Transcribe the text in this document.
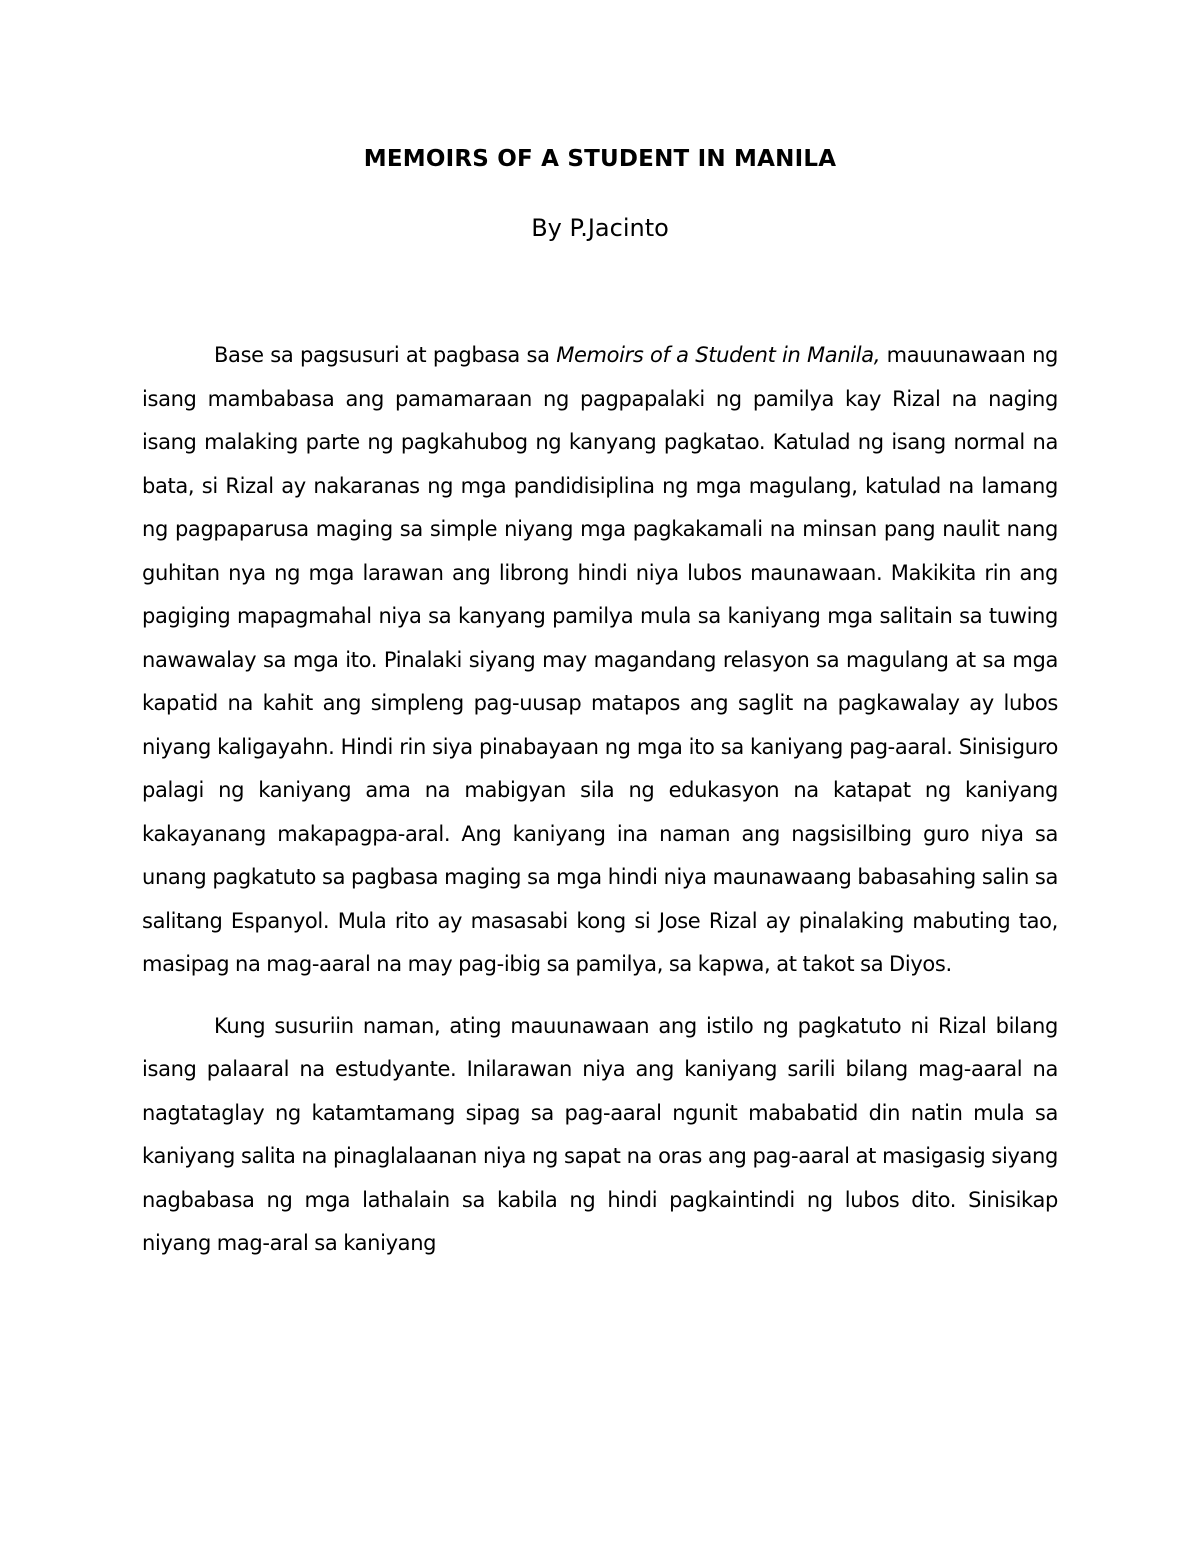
MEMOIRS OF A STUDENT IN MANILA

By P.Jacinto

Base sa pagsusuri at pagbasa sa Memoirs of a Student in Manila, mauunawaan ng isang mambabasa ang pamamaraan ng pagpapalaki ng pamilya kay Rizal na naging isang malaking parte ng pagkahubog ng kanyang pagkatao. Katulad ng isang normal na bata, si Rizal ay nakaranas ng mga pandidisiplina ng mga magulang, katulad na lamang ng pagpaparusa maging sa simple niyang mga pagkakamali na minsan pang naulit nang guhitan nya ng mga larawan ang librong hindi niya lubos maunawaan. Makikita rin ang pagiging mapagmahal niya sa kanyang pamilya mula sa kaniyang mga salitain sa tuwing nawawalay sa mga ito. Pinalaki siyang may magandang relasyon sa magulang at sa mga kapatid na kahit ang simpleng pag-uusap matapos ang saglit na pagkawalay ay lubos niyang kaligayahn. Hindi rin siya pinabayaan ng mga ito sa kaniyang pag-aaral. Sinisiguro palagi ng kaniyang ama na mabigyan sila ng edukasyon na katapat ng kaniyang kakayanang makapagpa-aral. Ang kaniyang ina naman ang nagsisilbing guro niya sa unang pagkatuto sa pagbasa maging sa mga hindi niya maunawaang babasahing salin sa salitang Espanyol. Mula rito ay masasabi kong si Jose Rizal ay pinalaking mabuting tao, masipag na mag-aaral na may pag-ibig sa pamilya, sa kapwa, at takot sa Diyos.

Kung susuriin naman, ating mauunawaan ang istilo ng pagkatuto ni Rizal bilang isang palaaral na estudyante. Inilarawan niya ang kaniyang sarili bilang mag-aaral na nagtataglay ng katamtamang sipag sa pag-aaral ngunit mababatid din natin mula sa kaniyang salita na pinaglalaanan niya ng sapat na oras ang pag-aaral at masigasig siyang nagbabasa ng mga lathalain sa kabila ng hindi pagkaintindi ng lubos dito. Sinisikap niyang mag-aral sa kaniyang
